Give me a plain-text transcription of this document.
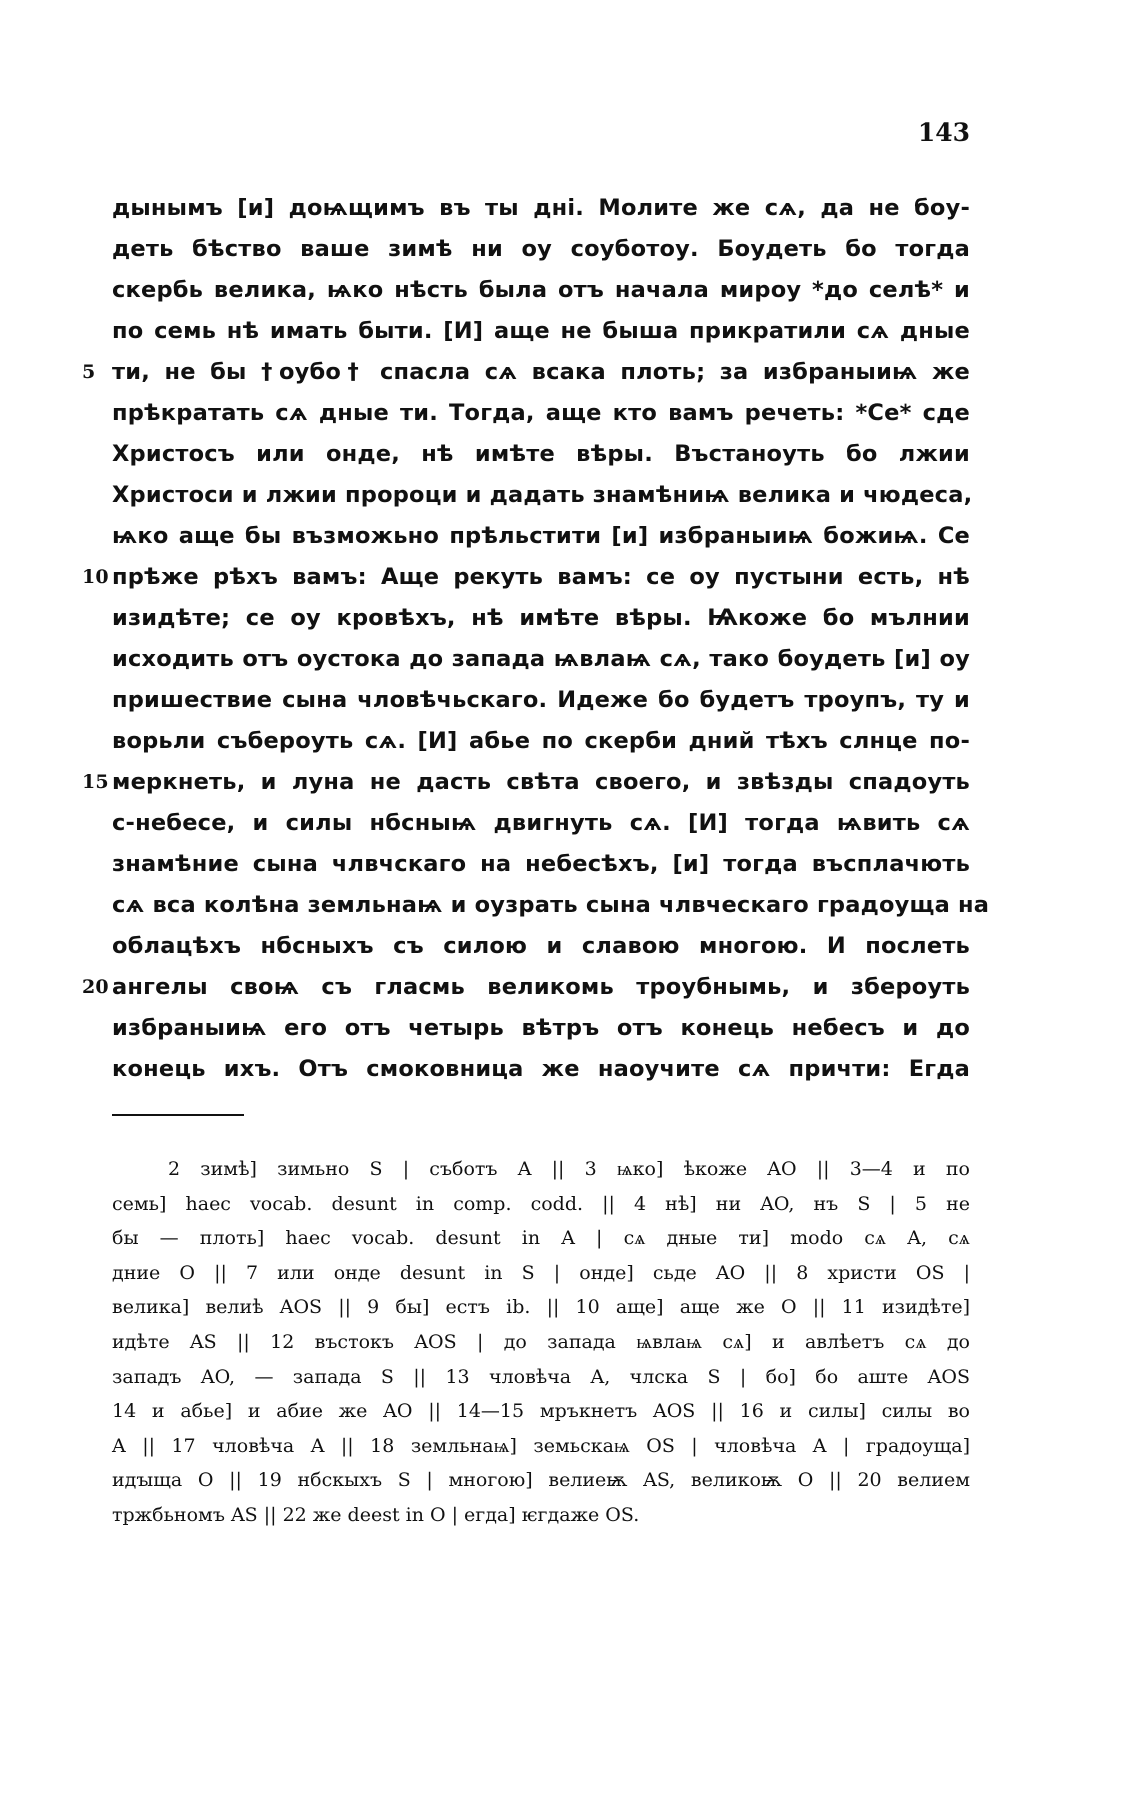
143
дынымъ [и] доѩщимъ въ ты дні. Молите же сѧ, да не боу-
деть бѣство ваше зимѣ ни оу соуботоу. Боудеть бо тогда
скербь велика, ѩко нѣсть была отъ начала мироу *до селѣ* и
по семь нѣ имать быти. [И] аще не быша прикратили сѧ дные
5 ти, не бы †оубо† спасла сѧ всака плоть; за избраныиѩ же
прѣкратать сѧ дные ти. Тогда, аще кто вамъ речеть: *Се* сде
Христосъ или онде, нѣ имѣте вѣры. Въстаноуть бо лжии
Христоси и лжии пророци и дадать знамѣниѩ велика и чюдеса,
ѩко аще бы възможьно прѣльстити [и] избраныиѩ божиѩ. Се
10 прѣже рѣхъ вамъ: Аще рекуть вамъ: се оу пустыни есть, нѣ
изидѣте; се оу кровѣхъ, нѣ имѣте вѣры. Ѩкоже бо мълнии
исходить отъ оустока до запада ѩвлаѩ сѧ, тако боудеть [и] оу
пришествие сына чловѣчьскаго. Идеже бо будетъ троупъ, ту и
ворьли събероуть сѧ. [И] абье по скерби дний тѣхъ слнце по-
15 меркнеть, и луна не дасть свѣта своего, и звѣзды спадоуть
с-небесе, и силы нбсныѩ двигнуть сѧ. [И] тогда ѩвить сѧ
знамѣние сына члвчскаго на небесѣхъ, [и] тогда въсплачють
сѧ вса колѣна земльнаѩ и оузрать сына члвческаго градоуща на
облацѣхъ нбсныхъ съ силою и славою многою. И послеть
20 ангелы своѩ съ гласмь великомь троубнымь, и збероуть
избраныиѩ его отъ четырь вѣтръ отъ конець небесъ и до
конець ихъ. Отъ смоковница же наоучите сѧ причти: Егда
2 зимѣ] зимьно S | съботъ A || 3 ѩко] ѣкоже AO || 3—4 и по
семь] haec vocab. desunt in comp. codd. || 4 нѣ] ни AO, нъ S | 5 не
бы — плоть] haec vocab. desunt in A | сѧ дные ти] modo сѧ A, сѧ
дние O || 7 или онде desunt in S | онде] сьде AO || 8 христи OS |
велика] велиѣ AOS || 9 бы] естъ ib. || 10 аще] аще же O || 11 изидѣте]
идѣте AS || 12 въстокъ AOS | до запада ѩвлаѩ сѧ] и авлѣетъ сѧ до
западъ AO, — запада S || 13 чловѣча A, члска S | бо] бо аште AOS
14 и абье] и абие же AO || 14—15 мръкнетъ AOS || 16 и силы] силы во
A || 17 чловѣча A || 18 земльнаѩ] земьскаѩ OS | чловѣча A | градоуща]
идꙑща O || 19 нбскыхъ S | многою] велиеѭ AS, великоѭ O || 20 велием
тржбьномъ AS || 22 же deest in O | егда] ѥгдаже OS.
